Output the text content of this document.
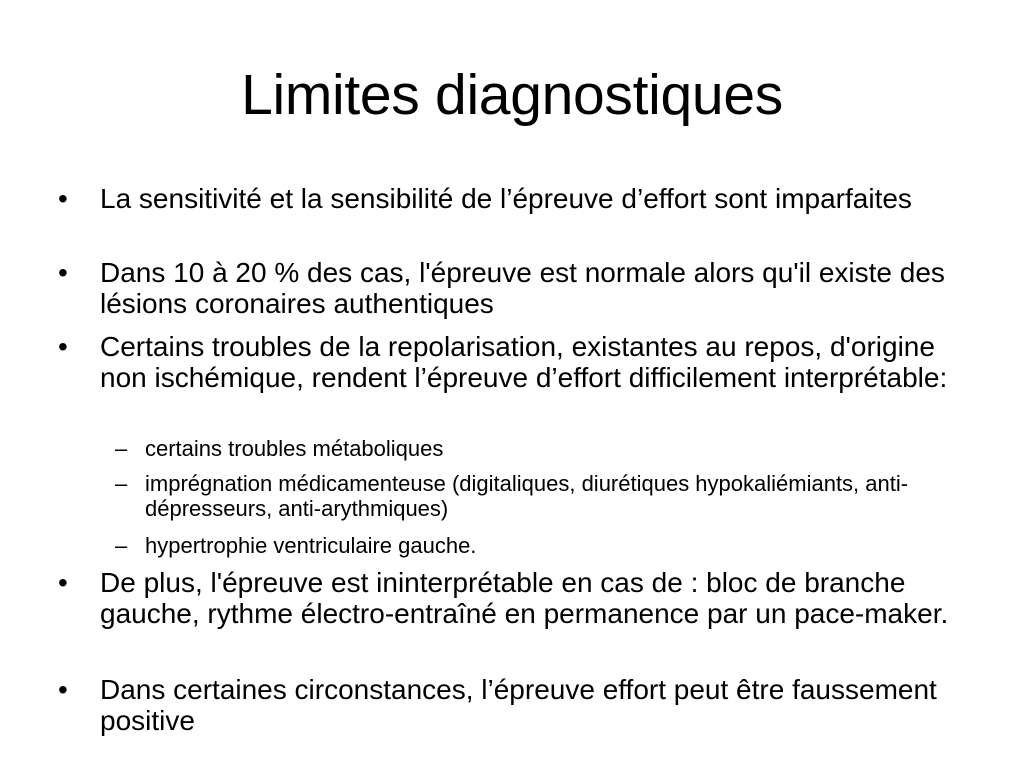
Limites diagnostiques
•	La sensitivité et la sensibilité de l’épreuve d’effort sont imparfaites
•	Dans 10 à 20 % des cas, l'épreuve est normale alors qu'il existe des lésions coronaires authentiques
•	Certains troubles de la repolarisation, existantes au repos, d'origine non ischémique, rendent l’épreuve d’effort difficilement interprétable:
– certains troubles métaboliques
– imprégnation médicamenteuse (digitaliques, diurétiques hypokaliémiants, anti-dépresseurs, anti-arythmiques)
– hypertrophie ventriculaire gauche.
•	De plus, l'épreuve est ininterprétable en cas de : bloc de branche gauche, rythme électro-entraîné en permanence par un pace-maker.
•	Dans certaines circonstances, l’épreuve effort peut être faussement positive
